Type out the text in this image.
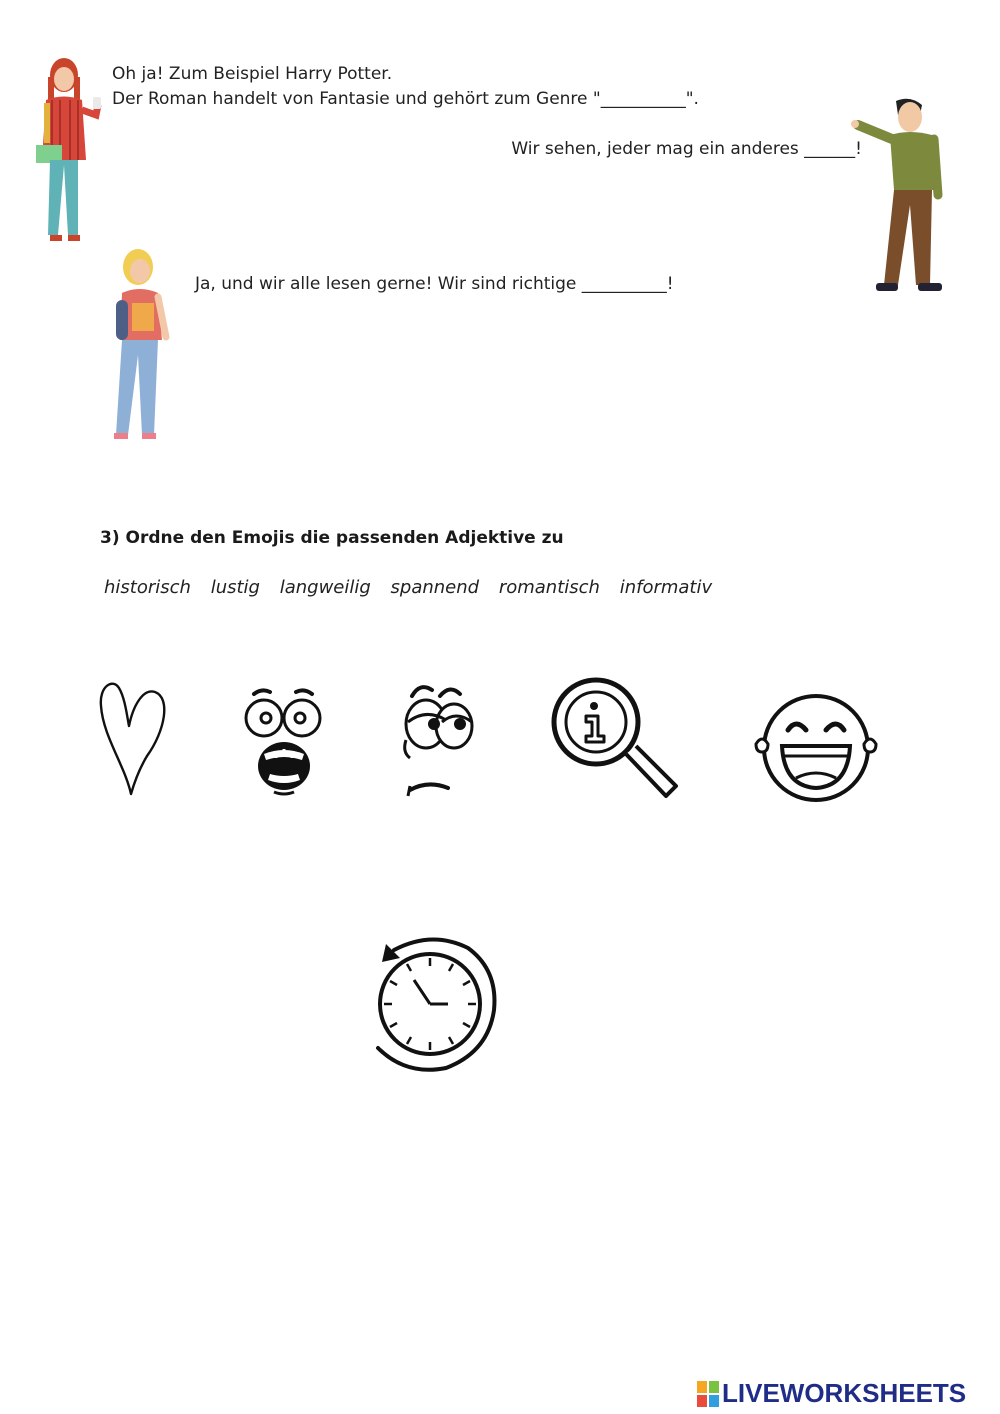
Oh ja! Zum Beispiel Harry Potter.
Der Roman handelt von Fantasie und gehört zum Genre "__________".
Wir sehen, jeder mag ein anderes ______!
Ja, und wir alle lesen gerne! Wir sind richtige __________!
3) Ordne den Emojis die passenden Adjektive zu
historisch lustig langweilig spannend romantisch informativ
LIVEWORKSHEETS
